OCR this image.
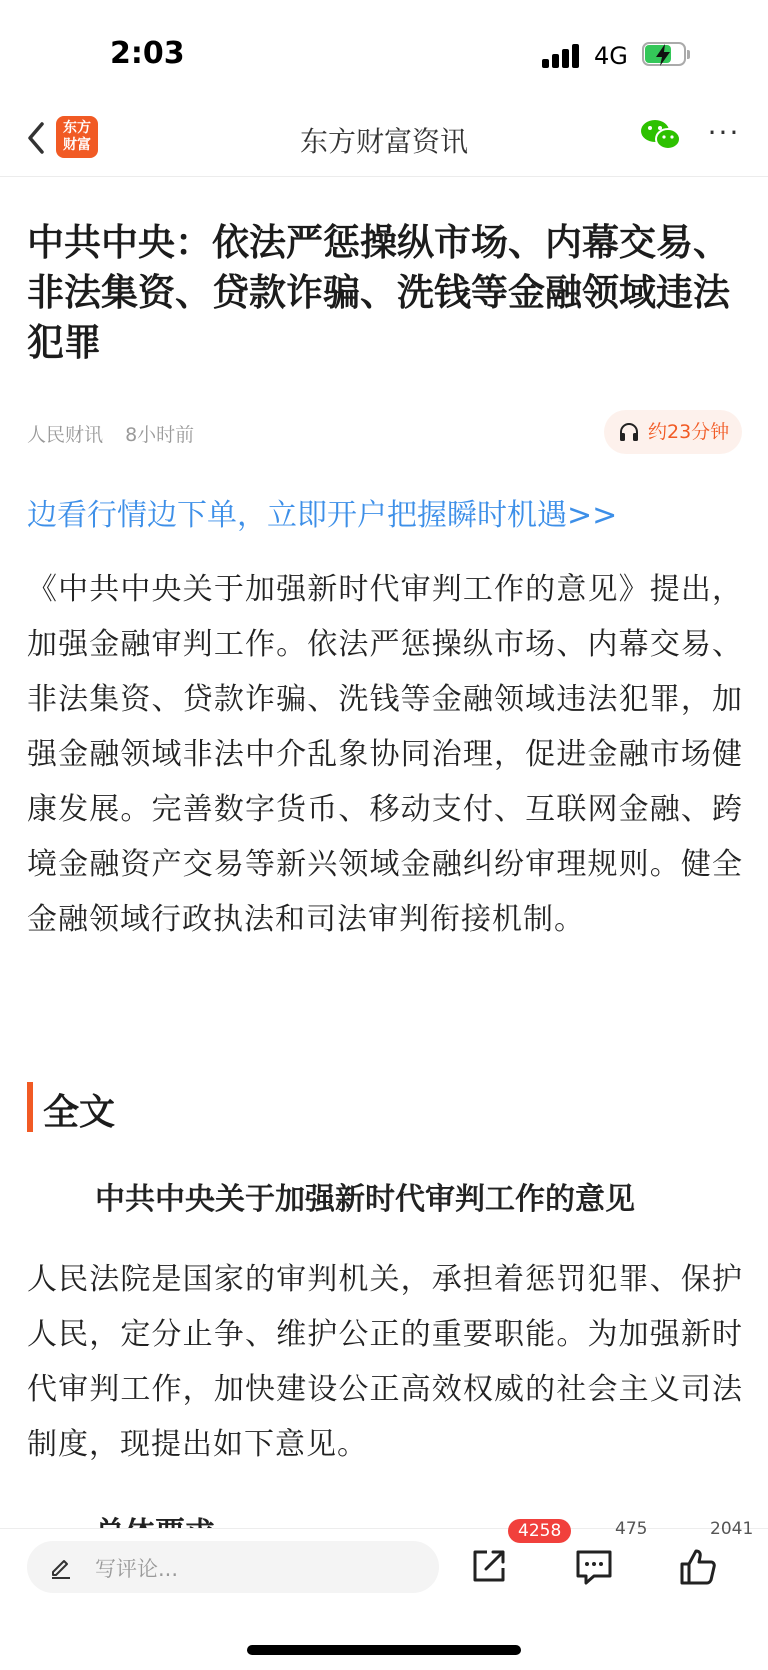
2:03	4G
东方
财富	东方财富资讯	···
中共中央：依法严惩操纵市场、内幕交易、非法集资、贷款诈骗、洗钱等金融领域违法犯罪
人民财讯 8小时前	约23分钟
边看行情边下单，立即开户把握瞬时机遇>>

《中共中央关于加强新时代审判工作的意见》提出，加强金融审判工作。依法严惩操纵市场、内幕交易、非法集资、贷款诈骗、洗钱等金融领域违法犯罪，加强金融领域非法中介乱象协同治理，促进金融市场健康发展。完善数字货币、移动支付、互联网金融、跨境金融资产交易等新兴领域金融纠纷审理规则。健全金融领域行政执法和司法审判衔接机制。

全文
中共中央关于加强新时代审判工作的意见

人民法院是国家的审判机关，承担着惩罚犯罪、保护人民，定分止争、维护公正的重要职能。为加强新时代审判工作，加快建设公正高效权威的社会主义司法制度，现提出如下意见。

写评论...
4258	475	2041
